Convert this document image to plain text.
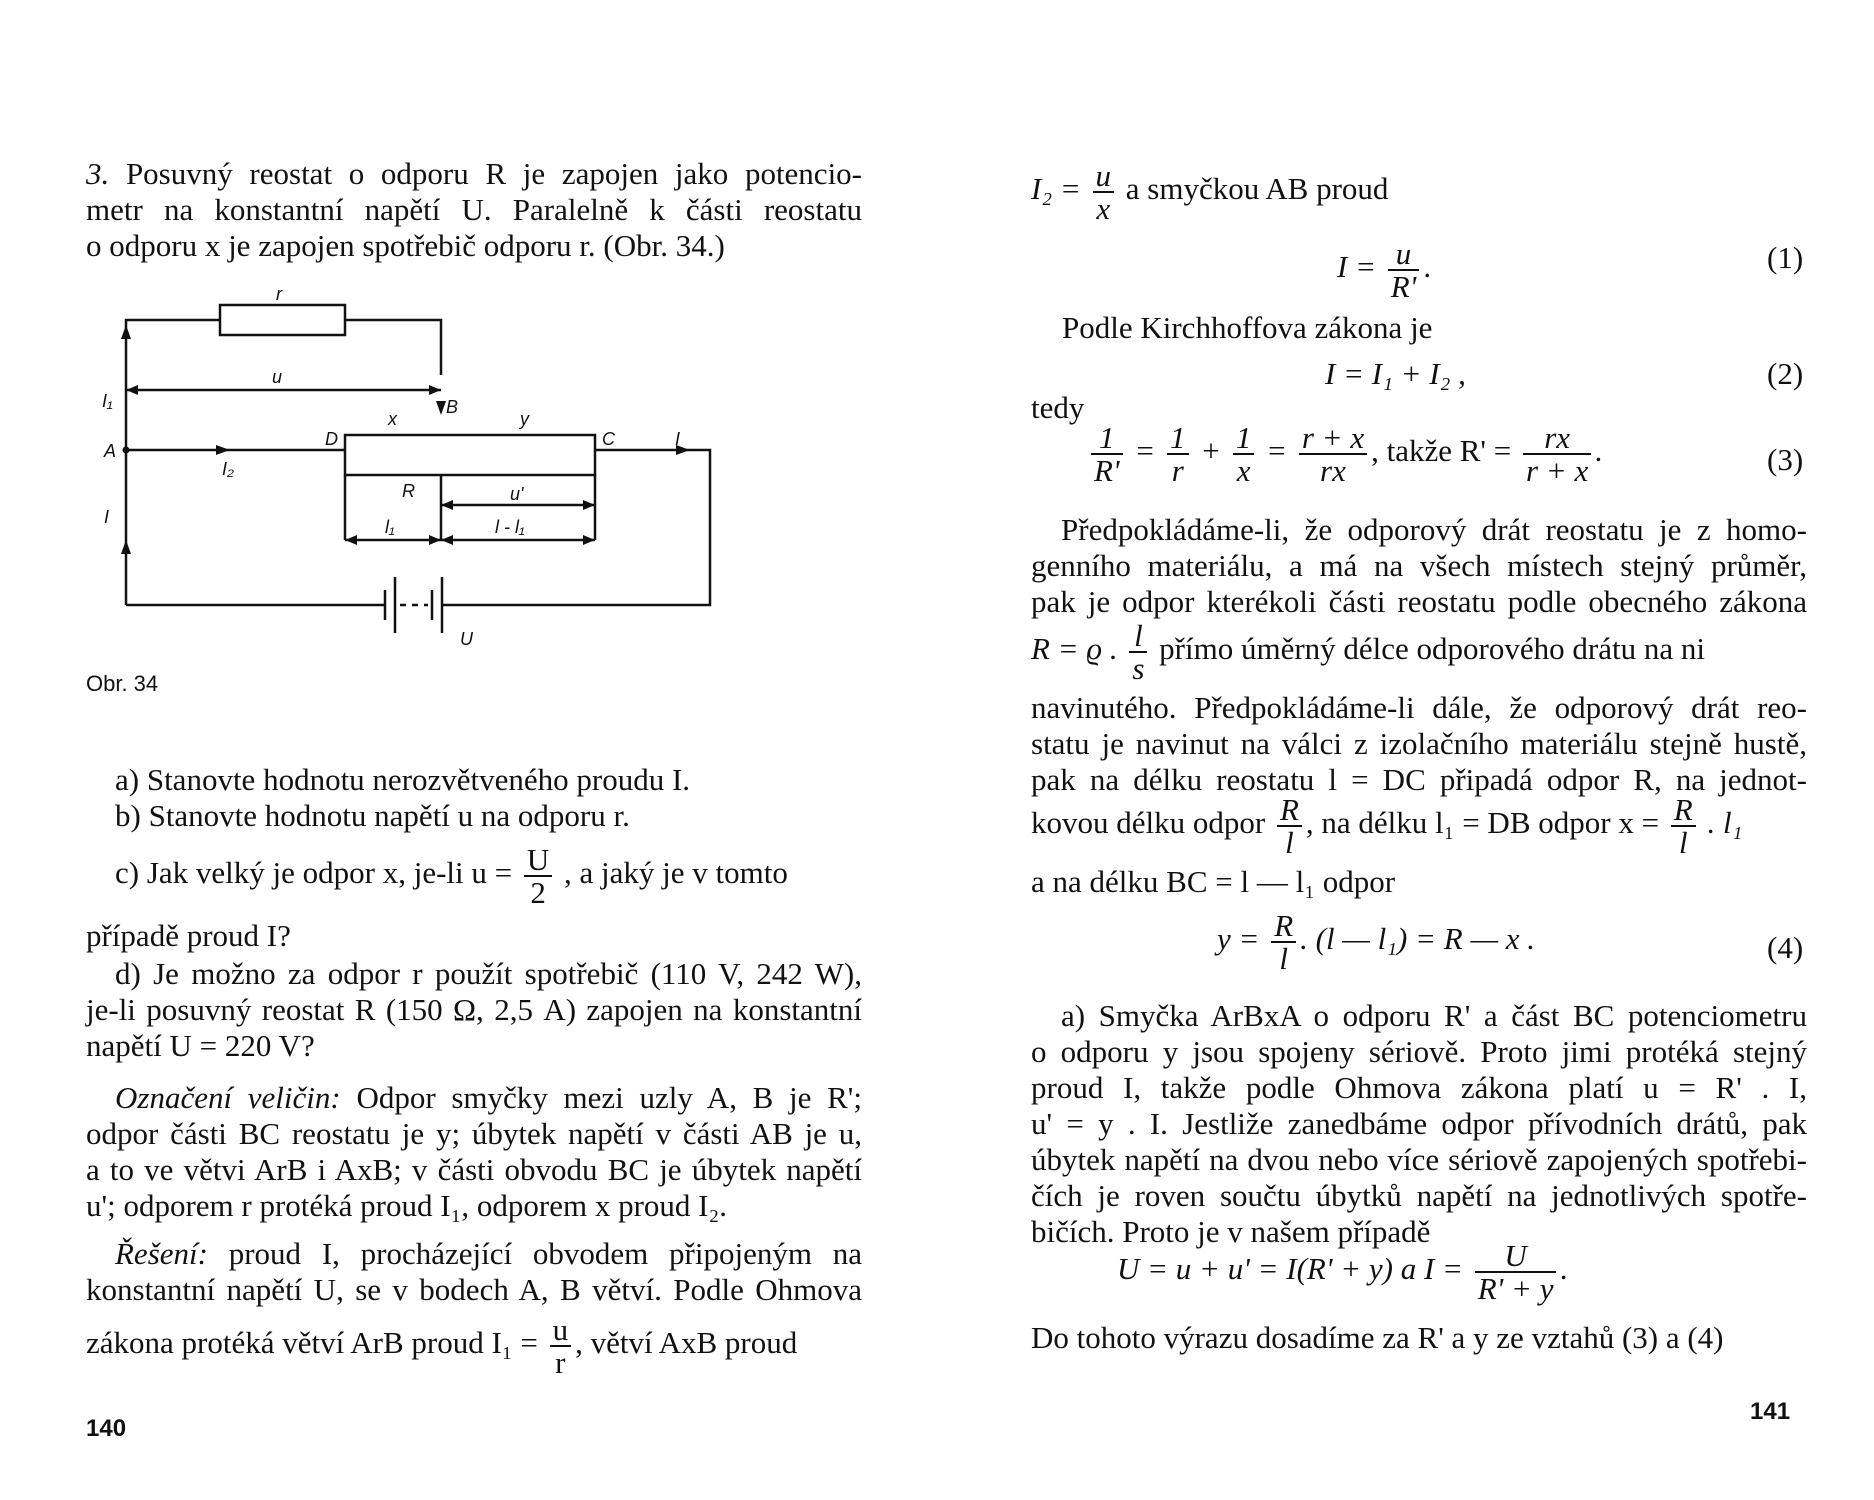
3. Posuvný reostat o odporu R je zapojen jako potencio-
metr na konstantní napětí U. Paralelně k části reostatu
o odporu x je zapojen spotřebič odporu r. (Obr. 34.)
r
u
I₁
A
I₂
I
D
x
B
y
C	I
R	u'
l₁	l - l₁
U
Obr. 34
a) Stanovte hodnotu nerozvětveného proudu I.
b) Stanovte hodnotu napětí u na odporu r.
c) Jak velký je odpor x, je-li $u = \frac{U}{2}$ , a jaký je v tomto
případě proud I?
d) Je možno za odpor r použít spotřebič (110 V, 242 W),
je-li posuvný reostat R (150 Ω, 2,5 A) zapojen na konstantní
napětí U = 220 V?
Označení veličin: Odpor smyčky mezi uzly A, B je R';
odpor části BC reostatu je y; úbytek napětí v části AB je u,
a to ve větvi ArB i AxB; v části obvodu BC je úbytek napětí
u'; odporem r protéká proud I₁, odporem x proud I₂.
Řešení: proud I, procházející obvodem připojeným na
konstantní napětí U, se v bodech A, B větví. Podle Ohmova
zákona protéká větví ArB proud $I_1 = \frac{u}{r}$ , větví AxB proud
140
$I_2 = \frac{u}{x}$ a smyčkou AB proud
$I = \frac{u}{R'}$ .	(1)
Podle Kirchhoffova zákona je
I = I₁ + I₂ ,	(2)
tedy
$\frac{1}{R'} = \frac{1}{r} + \frac{1}{x} = \frac{r + x}{rx}$ , takže $R' = \frac{rx}{r + x}$ .	(3)
Předpokládáme-li, že odporový drát reostatu je z homo-
genního materiálu, a má na všech místech stejný průměr,
pak je odpor kterékoli části reostatu podle obecného zákona
R = ϱ . $\frac{l}{s}$ přímo úměrný délce odporového drátu na ni
navinutého. Předpokládáme-li dále, že odporový drát reo-
statu je navinut na válci z izolačního materiálu stejně hustě,
pak na délku reostatu l = DC připadá odpor R, na jednot-
kovou délku odpor $\frac{R}{l}$ , na délku l₁ = DB odpor $x = \frac{R}{l}$ . l₁
a na délku BC = l — l₁ odpor
$y = \frac{R}{l}$ . (l — l₁) = R — x .	(4)
a) Smyčka ArBxA o odporu R' a část BC potenciometru
o odporu y jsou spojeny sériově. Proto jimi protéká stejný
proud I, takže podle Ohmova zákona platí u = R' . I,
u' = y . I. Jestliže zanedbáme odpor přívodních drátů, pak
úbytek napětí na dvou nebo více sériově zapojených spotřebi-
čích je roven součtu úbytků napětí na jednotlivých spotře-
bičích. Proto je v našem případě
U = u + u' = I(R' + y) a $I = \frac{U}{R' + y}$ .
Do tohoto výrazu dosadíme za R' a y ze vztahů (3) a (4)
141
